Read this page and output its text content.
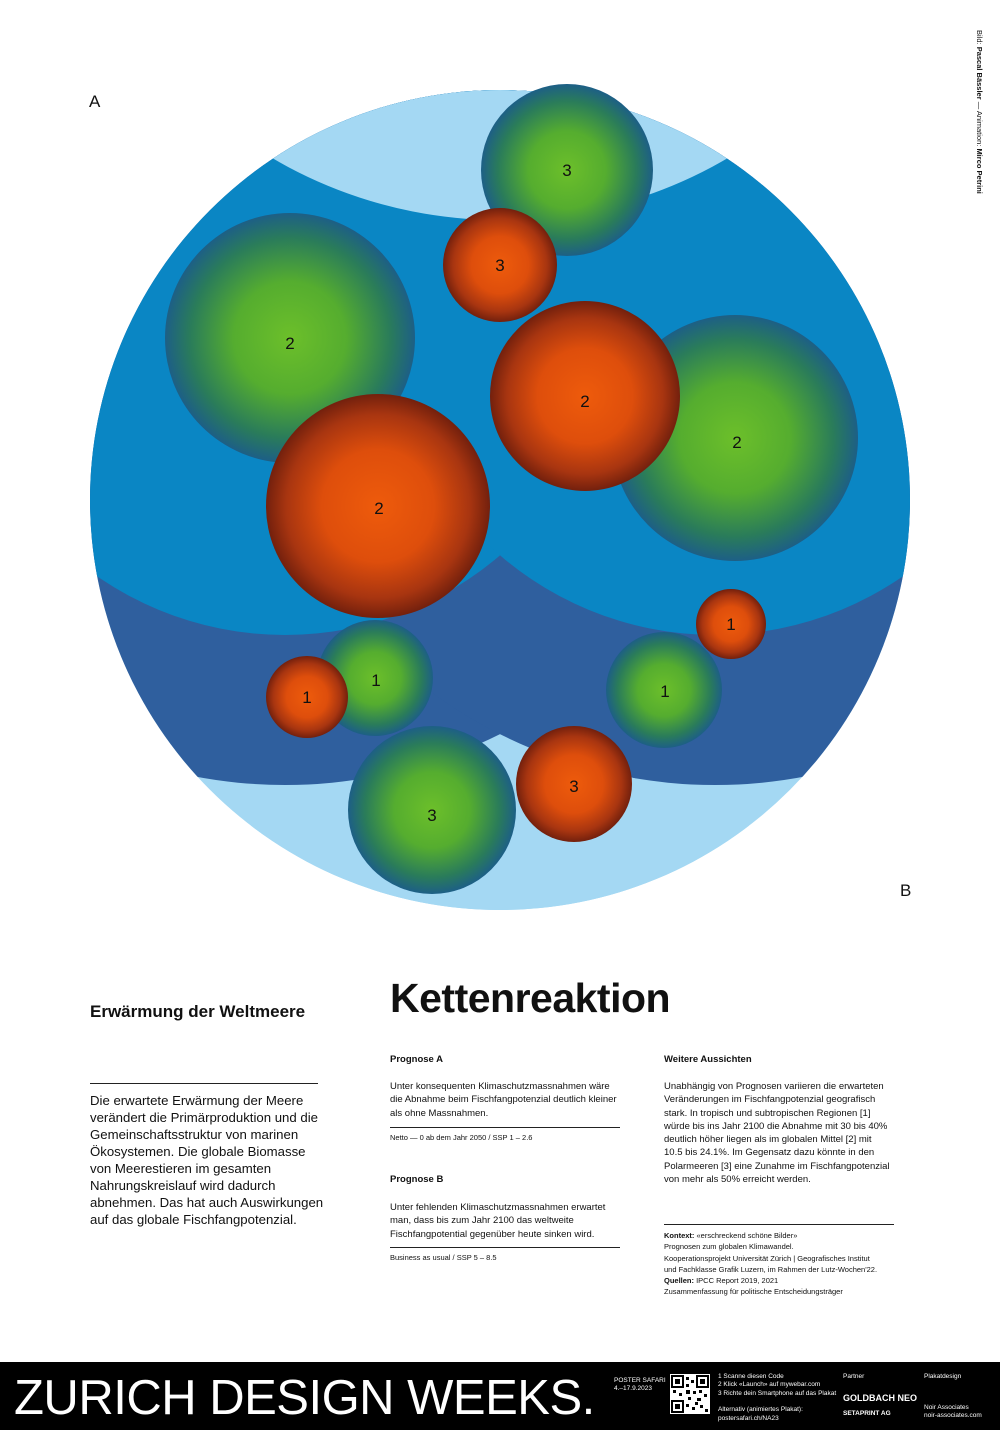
3
3
2
2
2
2
1
1	1
1
3
3
A
B
Bild: Pascal Bässler — Animation: Mirco Petrini
Erwärmung der Weltmeere Kettenreaktion
Die erwartete Erwärmung der Meere verändert die Primärproduktion und die Gemeinschaftsstruktur von marinen Ökosystemen. Die globale Biomasse von Meerestieren im gesamten Nahrungskreislauf wird dadurch abnehmen. Das hat auch Auswirkungen auf das globale Fischfangpotenzial.
Prognose A
Unter konsequenten Klimaschutzmassnahmen wäre die Abnahme beim Fischfangpotenzial deutlich kleiner als ohne Massnahmen.
Netto — 0 ab dem Jahr 2050 / SSP 1 – 2.6
Prognose B
Unter fehlenden Klimaschutzmassnahmen erwartet man, dass bis zum Jahr 2100 das weltweite Fischfangpotential gegenüber heute sinken wird.
Business as usual / SSP 5 – 8.5
Weitere Aussichten
Unabhängig von Prognosen variieren die erwarteten Veränderungen im Fischfangpotenzial geografisch stark. In tropisch und subtropischen Regionen [1] würde bis ins Jahr 2100 die Abnahme mit 30 bis 40% deutlich höher liegen als im globalen Mittel [2] mit 10.5 bis 24.1%. Im Gegensatz dazu könnte in den Polarmeeren [3] eine Zunahme im Fischfangpotenzial von mehr als 50% erreicht werden.
Kontext: «erschreckend schöne Bilder»
Prognosen zum globalen Klimawandel.
Kooperationsprojekt Universität Zürich | Geografisches Institut
und Fachklasse Grafik Luzern, im Rahmen der Lutz-Wochen'22.
Quellen: IPCC Report 2019, 2021
Zusammenfassung für politische Entscheidungsträger
ZURICH DESIGN WEEKS.	POSTER SAFARI
4.–17.9.2023
1 Scanne diesen Code
2 Klick «Launch» auf mywebar.com
3 Richte dein Smartphone auf das Plakat
Alternativ (animiertes Plakat):
postersafari.ch/NA23
Partner
GOLDBACH NEO
SETAPRINT AG
Plakatdesign
Noir Associates
noir-associates.com
